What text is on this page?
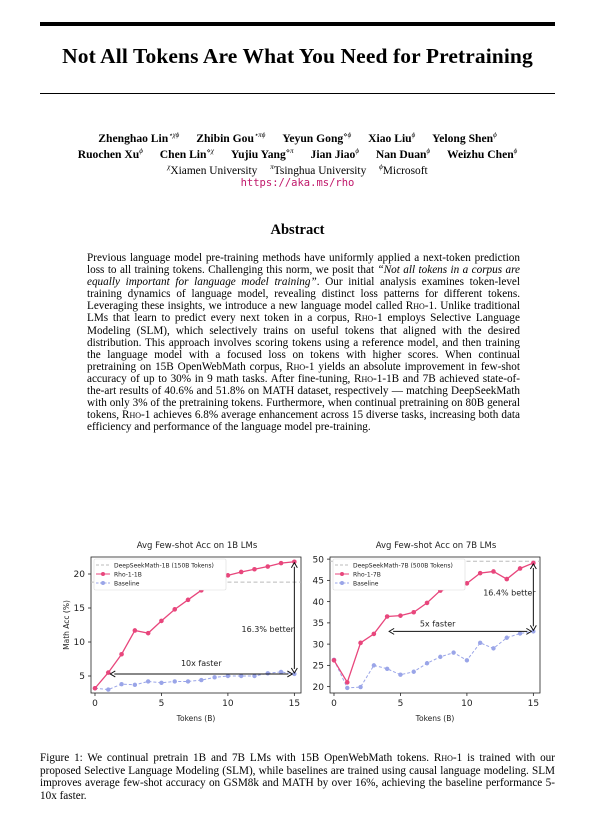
Not All Tokens Are What You Need for Pretraining
Zhenghao Lin$^{⋆\chi\phi}$ Zhibin Gou$^{⋆\pi\phi}$ Yeyun Gong$^{⋄\phi}$ Xiao Liu$^\phi$ Yelong Shen$^\phi$
Ruochen $Xu^\phi$ Chen Lin$^{⋄\chi}$ Yujiu Yang$^{⋄\pi}$ Jian Jiao$^\phi$ Nan Duan$^\phi$ Weizhu Chen$^\phi$
$^\chi$Xiamen University $^\pi$Tsinghua University $^\phi$Microsoft
https://aka.ms/rho
Abstract
Previous language model pre-training methods have uniformly applied a next-token prediction loss to all training tokens. Challenging this norm, we posit that “Not all tokens in a corpus are equally important for language model training”. Our initial analysis examines token-level training dynamics of language model, revealing distinct loss patterns for different tokens. Leveraging these insights, we introduce a new language model called Rho-1. Unlike traditional LMs that learn to predict every next token in a corpus, Rho-1 employs Selective Language Modeling (SLM), which selectively trains on useful tokens that aligned with the desired distribution. This approach involves scoring tokens using a reference model, and then training the language model with a focused loss on tokens with higher scores. When continual pretraining on 15B OpenWebMath corpus, Rho-1 yields an absolute improvement in few-shot accuracy of up to 30% in 9 math tasks. After fine-tuning, Rho-1-1B and 7B achieved state-of-the-art results of 40.6% and 51.8% on MATH dataset, respectively — matching DeepSeekMath with only 3% of the pretraining tokens. Furthermore, when continual pretraining on 80B general tokens, Rho-1 achieves 6.8% average enhancement across 15 diverse tasks, increasing both data efficiency and performance of the language model pre-training.
Avg Few-shot Acc on 1B LMs
0	5	10	15
5
10
15
20
Tokens (B)
Math Acc (%)	16.3% better
10x faster
DeepSeekMath-1B (150B Tokens)
Rho-1-1B
Baseline
Avg Few-shot Acc on 7B LMs
0	5	10	15
20
25
30
35
40
45
50
Tokens (B)
16.4% better
5x faster
DeepSeekMath-7B (500B Tokens)
Rho-1-7B
Baseline
Figure 1: We continual pretrain 1B and 7B LMs with 15B OpenWebMath tokens. Rho-1 is trained with our proposed Selective Language Modeling (SLM), while baselines are trained using causal language modeling. SLM improves average few-shot accuracy on GSM8k and MATH by over 16%, achieving the baseline performance 5-10x faster.
